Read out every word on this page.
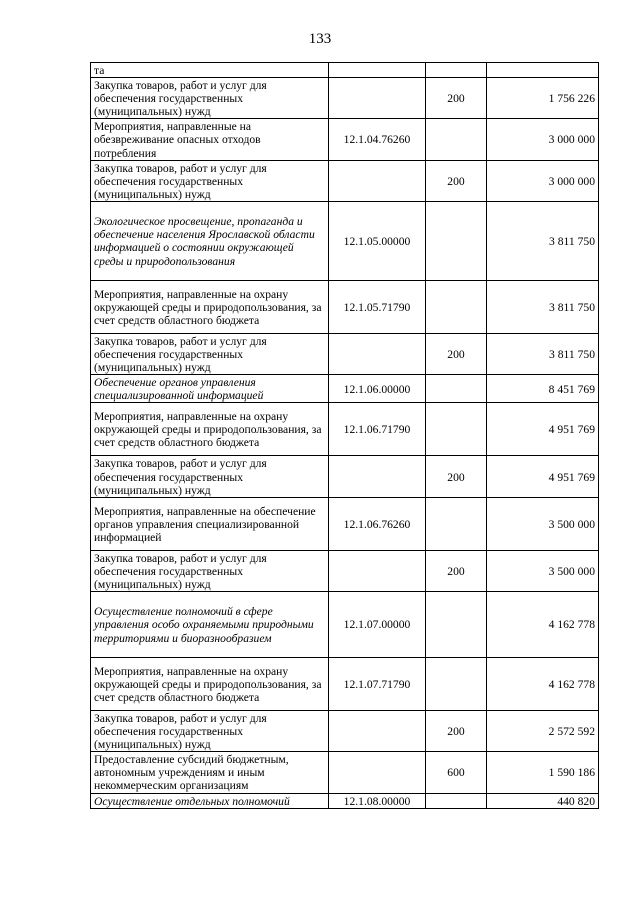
133
та			
Закупка товаров, работ и услуг для обеспечения государственных (муниципальных) нужд		200	1 756 226
Мероприятия, направленные на обезвреживание опасных отходов потребления	12.1.04.76260		3 000 000
Закупка товаров, работ и услуг для обеспечения государственных (муниципальных) нужд		200	3 000 000
Экологическое просвещение, пропаганда и обеспечение населения Ярославской области информацией о состоянии окружающей среды и природопользования	12.1.05.00000		3 811 750
Мероприятия, направленные на охрану окружающей среды и природопользования, за счет средств областного бюджета	12.1.05.71790		3 811 750
Закупка товаров, работ и услуг для обеспечения государственных (муниципальных) нужд		200	3 811 750
Обеспечение органов управления специализированной информацией	12.1.06.00000		8 451 769
Мероприятия, направленные на охрану окружающей среды и природопользования, за счет средств областного бюджета	12.1.06.71790		4 951 769
Закупка товаров, работ и услуг для обеспечения государственных (муниципальных) нужд		200	4 951 769
Мероприятия, направленные на обеспечение органов управления специализированной информацией	12.1.06.76260		3 500 000
Закупка товаров, работ и услуг для обеспечения государственных (муниципальных) нужд		200	3 500 000
Осуществление полномочий в сфере управления особо охраняемыми природными территориями и биоразнообразием	12.1.07.00000		4 162 778
Мероприятия, направленные на охрану окружающей среды и природопользования, за счет средств областного бюджета	12.1.07.71790		4 162 778
Закупка товаров, работ и услуг для обеспечения государственных (муниципальных) нужд		200	2 572 592
Предоставление субсидий бюджетным, автономным учреждениям и иным некоммерческим организациям		600	1 590 186
Осуществление отдельных полномочий	12.1.08.00000		440 820
